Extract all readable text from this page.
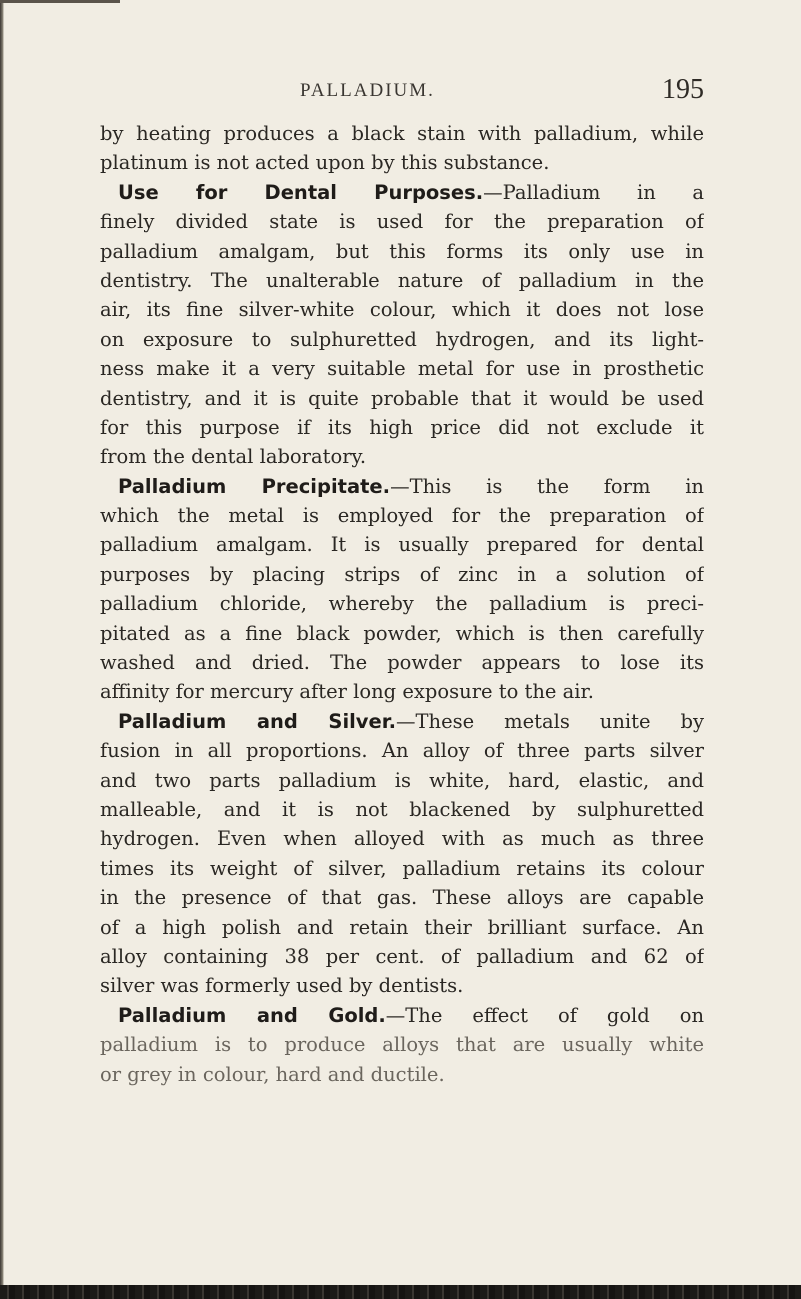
PALLADIUM.	195
by heating produces a black stain with palladium, while
platinum is not acted upon by this substance.
Use for Dental Purposes.—Palladium in a
finely divided state is used for the preparation of
palladium amalgam, but this forms its only use in
dentistry. The unalterable nature of palladium in the
air, its fine silver-white colour, which it does not lose
on exposure to sulphuretted hydrogen, and its light-
ness make it a very suitable metal for use in prosthetic
dentistry, and it is quite probable that it would be used
for this purpose if its high price did not exclude it
from the dental laboratory.
Palladium Precipitate.—This is the form in
which the metal is employed for the preparation of
palladium amalgam. It is usually prepared for dental
purposes by placing strips of zinc in a solution of
palladium chloride, whereby the palladium is preci-
pitated as a fine black powder, which is then carefully
washed and dried. The powder appears to lose its
affinity for mercury after long exposure to the air.
Palladium and Silver.—These metals unite by
fusion in all proportions. An alloy of three parts silver
and two parts palladium is white, hard, elastic, and
malleable, and it is not blackened by sulphuretted
hydrogen. Even when alloyed with as much as three
times its weight of silver, palladium retains its colour
in the presence of that gas. These alloys are capable
of a high polish and retain their brilliant surface. An
alloy containing 38 per cent. of palladium and 62 of
silver was formerly used by dentists.
Palladium and Gold.—The effect of gold on
palladium is to produce alloys that are usually white
or grey in colour, hard and ductile.
